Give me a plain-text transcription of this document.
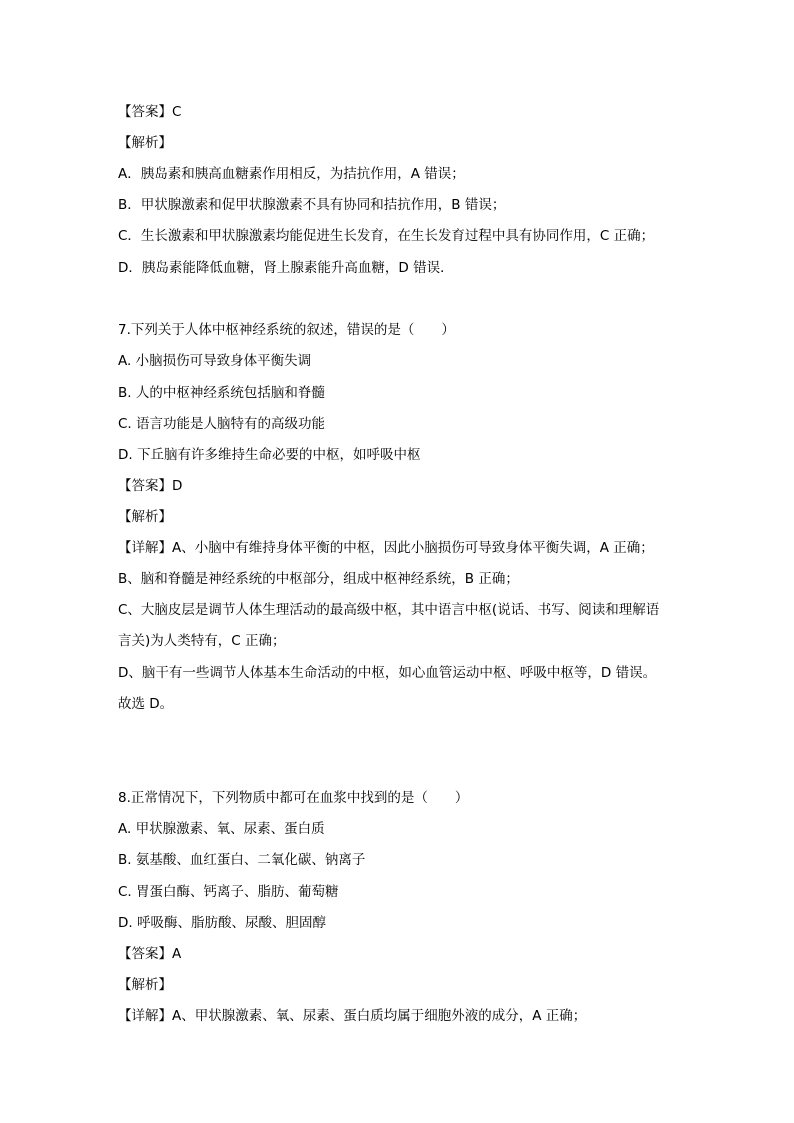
【答案】C
【解析】
A．胰岛素和胰高血糖素作用相反，为拮抗作用，A 错误；
B．甲状腺激素和促甲状腺激素不具有协同和拮抗作用，B 错误；
C．生长激素和甲状腺激素均能促进生长发育，在生长发育过程中具有协同作用，C 正确；
D．胰岛素能降低血糖，肾上腺素能升高血糖，D 错误．
7.下列关于人体中枢神经系统的叙述，错误的是（　　）
A. 小脑损伤可导致身体平衡失调
B. 人的中枢神经系统包括脑和脊髓
C. 语言功能是人脑特有的高级功能
D. 下丘脑有许多维持生命必要的中枢，如呼吸中枢
【答案】D
【解析】
【详解】A、小脑中有维持身体平衡的中枢，因此小脑损伤可导致身体平衡失调，A 正确；
B、脑和脊髓是神经系统的中枢部分，组成中枢神经系统，B 正确；
C、大脑皮层是调节人体生理活动的最高级中枢，其中语言中枢(说话、书写、阅读和理解语
言关)为人类特有，C 正确；
D、脑干有一些调节人体基本生命活动的中枢，如心血管运动中枢、呼吸中枢等，D 错误。
故选 D。
8.正常情况下，下列物质中都可在血浆中找到的是（　　）
A. 甲状腺激素、氧、尿素、蛋白质
B. 氨基酸、血红蛋白、二氧化碳、钠离子
C. 胃蛋白酶、钙离子、脂肪、葡萄糖
D. 呼吸酶、脂肪酸、尿酸、胆固醇
【答案】A
【解析】
【详解】A、甲状腺激素、氧、尿素、蛋白质均属于细胞外液的成分，A 正确；
